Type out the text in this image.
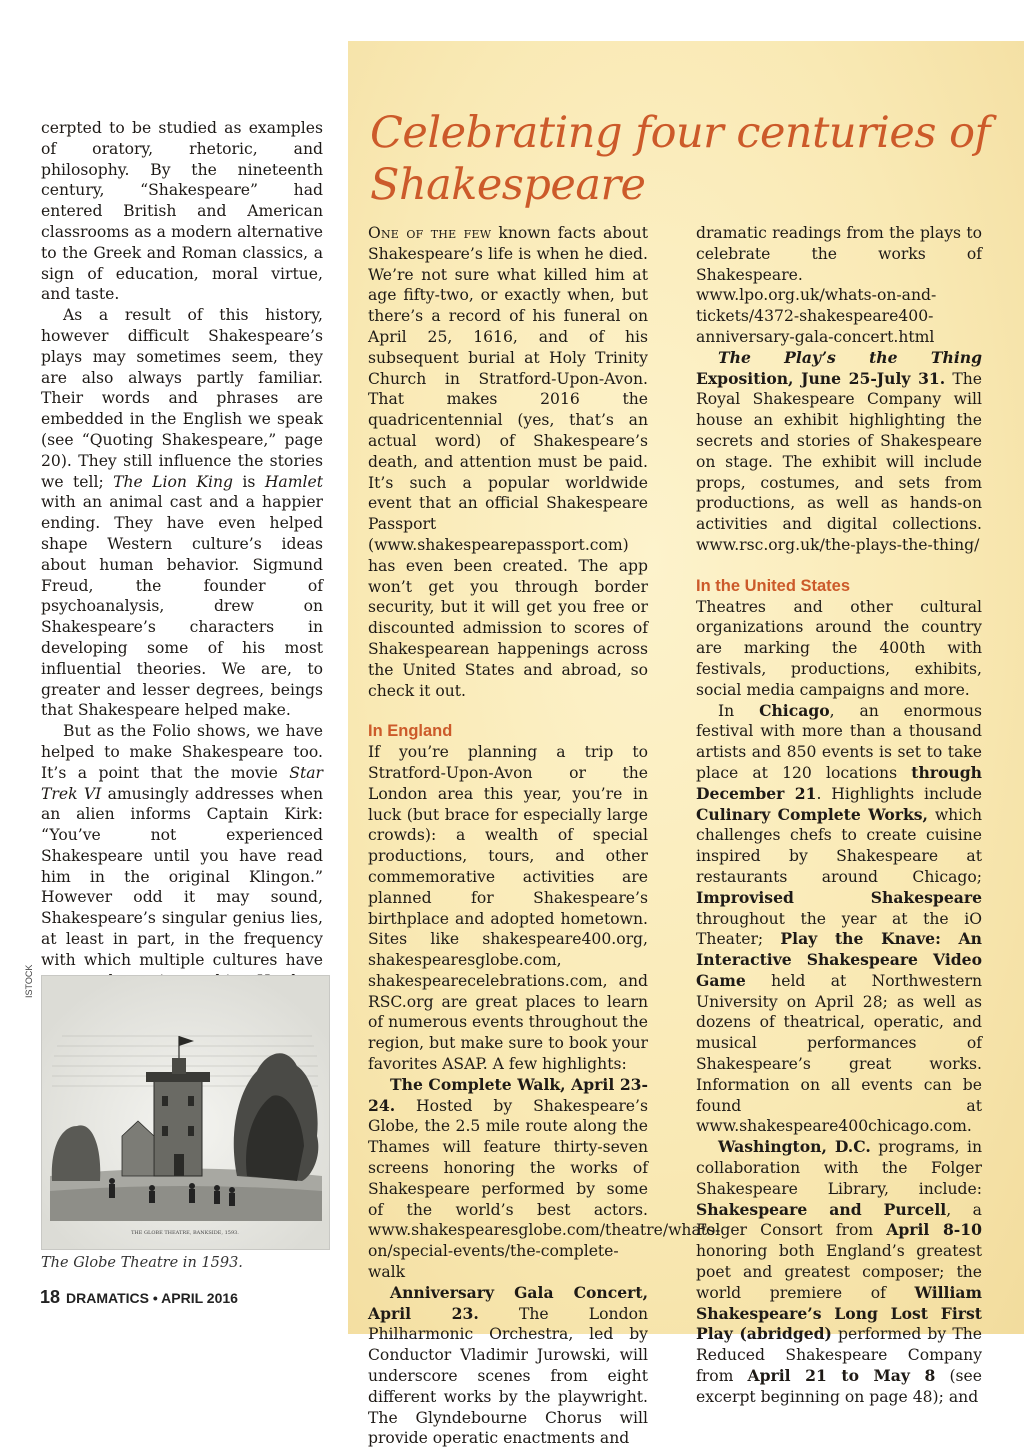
cerpted to be studied as examples of oratory, rhetoric, and philosophy. By the nineteenth century, “Shakespeare” had entered British and American classrooms as a modern alternative to the Greek and Roman classics, a sign of education, moral virtue, and taste.

As a result of this history, however difficult Shakespeare’s plays may sometimes seem, they are also always partly familiar. Their words and phrases are embedded in the English we speak (see “Quoting Shakespeare,” page 20). They still influence the stories we tell; The Lion King is Hamlet with an animal cast and a happier ending. They have even helped shape Western culture’s ideas about human behavior. Sigmund Freud, the founder of psychoanalysis, drew on Shakespeare’s characters in developing some of his most influential theories. We are, to greater and lesser degrees, beings that Shakespeare helped make.

But as the Folio shows, we have helped to make Shakespeare too. It’s a point that the movie Star Trek VI amusingly addresses when an alien informs Captain Kirk: “You’ve not experienced Shakespeare until you have read him in the original Klingon.” However odd it may sound, Shakespeare’s singular genius lies, at least in part, in the frequency with which multiple cultures have

Celebrating four centuries of Shakespeare

One of the few known facts about Shakespeare’s life is when he died. We’re not sure what killed him at age fifty-two, or exactly when, but there’s a record of his funeral on April 25, 1616, and of his subsequent burial at Holy Trinity Church in Stratford-Upon-Avon. That makes 2016 the quadricentennial (yes, that’s an actual word) of Shakespeare’s death, and attention must be paid. It’s such a popular worldwide event that an official Shakespeare Passport (www.shakespearepassport.com) has even been created. The app won’t get you through border security, but it will get you free or discounted admission to scores of Shakespearean happenings across the United States and abroad, so check it out.

In England

If you’re planning a trip to Stratford-Upon-Avon or the London area this year, you’re in luck (but brace for especially large crowds): a wealth of special productions, tours, and other commemorative activities are planned for Shakespeare’s birthplace and adopted hometown. Sites like shakespeare400.org, shakespearesglobe.com, shakespearecelebrations.com, and RSC.org are great places to learn of numerous events throughout the region, but make sure to book your favorites ASAP. A few highlights:

The Complete Walk, April 23-24. Hosted by Shakespeare’s Globe, the 2.5 mile route along the Thames will feature thirty-seven screens honoring the works of Shakespeare performed by some of the world’s best actors. www.shakespearesglobe.com/theatre/whats-on/special-events/the-complete-walk

Anniversary Gala Concert, April 23. The London Philharmonic Orchestra, led by Conductor Vladimir Jurowski, will underscore scenes from eight different works by the playwright. The Glyndebourne Chorus will provide operatic enactments and

dramatic readings from the plays to celebrate the works of Shakespeare. www.lpo.org.uk/whats-on-and-tickets/4372-shakespeare400-anniversary-gala-concert.html

The Play’s the Thing Exposition, June 25-July 31. The Royal Shakespeare Company will house an exhibit highlighting the secrets and stories of Shakespeare on stage. The exhibit will include props, costumes, and sets from productions, as well as hands-on activities and digital collections. www.rsc.org.uk/the-plays-the-thing/

In the United States

Theatres and other cultural organizations around the country are marking the 400th with festivals, productions, exhibits, social media campaigns and more.

In Chicago, an enormous festival with more than a thousand artists and 850 events is set to take place at 120 locations through December 21. Highlights include Culinary Complete Works, which challenges chefs to create cuisine inspired by Shakespeare at restaurants around Chicago; Improvised Shakespeare throughout the year at the iO Theater; Play the Knave: An Interactive Shakespeare Video Game held at Northwestern University on April 28; as well as dozens of theatrical, operatic, and musical performances of Shakespeare’s great works. Information on all events can be found at www.shakespeare400chicago.com.

Washington, D.C. programs, in collaboration with the Folger Shakespeare Library, include: Shakespeare and Purcell, a Folger Consort from April 8-10 honoring both England’s greatest poet and greatest composer; the world premiere of William Shakespeare’s Long Lost First Play (abridged) performed by The Reduced Shakespeare Company from April 21 to May 8 (see excerpt beginning on page 48); and

ISTOCK
THE GLOBE THEATRE, BANKSIDE, 1593.
The Globe Theatre in 1593.
18 DRAMATICS • APRIL 2016
